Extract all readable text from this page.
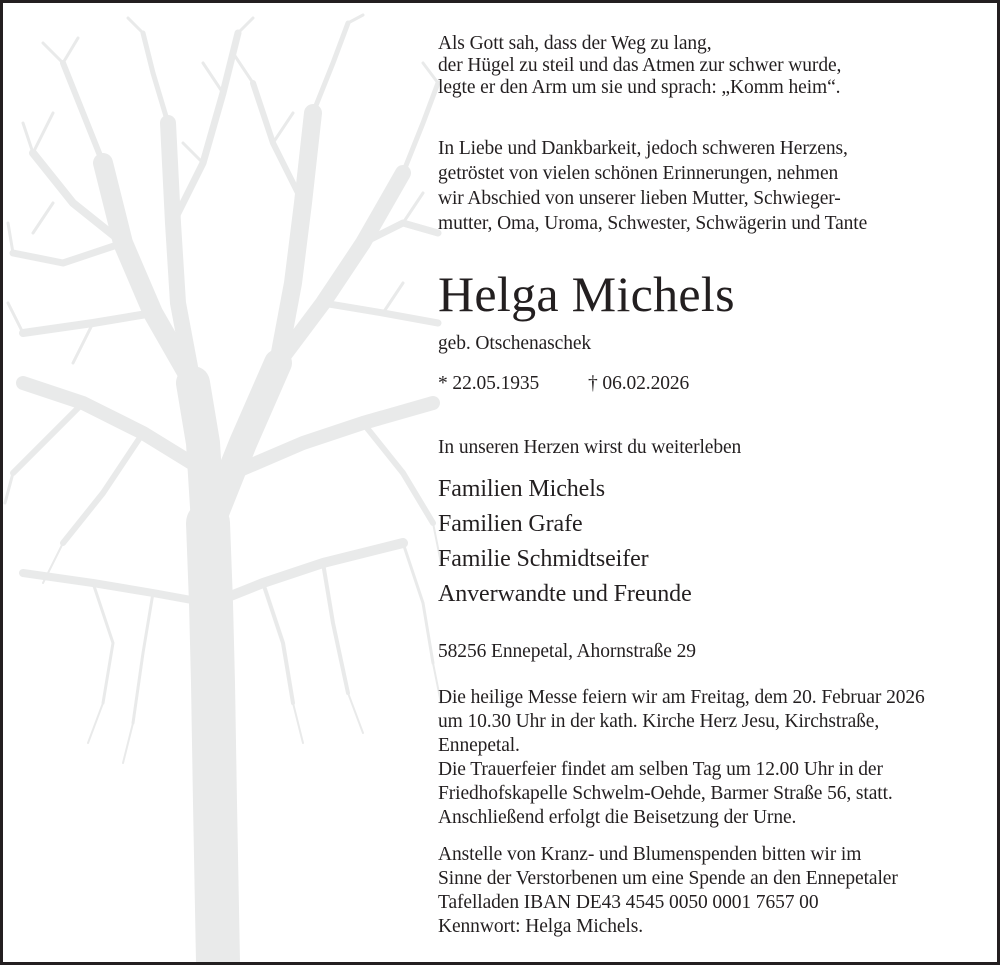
Als Gott sah, dass der Weg zu lang,
der Hügel zu steil und das Atmen zur schwer wurde,
legte er den Arm um sie und sprach: „Komm heim“.
In Liebe und Dankbarkeit, jedoch schweren Herzens,
getröstet von vielen schönen Erinnerungen, nehmen
wir Abschied von unserer lieben Mutter, Schwieger-
mutter, Oma, Uroma, Schwester, Schwägerin und Tante
Helga Michels
geb. Otschenaschek
* 22.05.1935	† 06.02.2026
In unseren Herzen wirst du weiterleben
Familien Michels
Familien Grafe
Familie Schmidtseifer
Anverwandte und Freunde
58256 Ennepetal, Ahornstraße 29
Die heilige Messe feiern wir am Freitag, dem 20. Februar 2026
um 10.30 Uhr in der kath. Kirche Herz Jesu, Kirchstraße,
Ennepetal.
Die Trauerfeier findet am selben Tag um 12.00 Uhr in der
Friedhofskapelle Schwelm-Oehde, Barmer Straße 56, statt.
Anschließend erfolgt die Beisetzung der Urne.
Anstelle von Kranz- und Blumenspenden bitten wir im
Sinne der Verstorbenen um eine Spende an den Ennepetaler
Tafelladen IBAN DE43 4545 0050 0001 7657 00
Kennwort: Helga Michels.
